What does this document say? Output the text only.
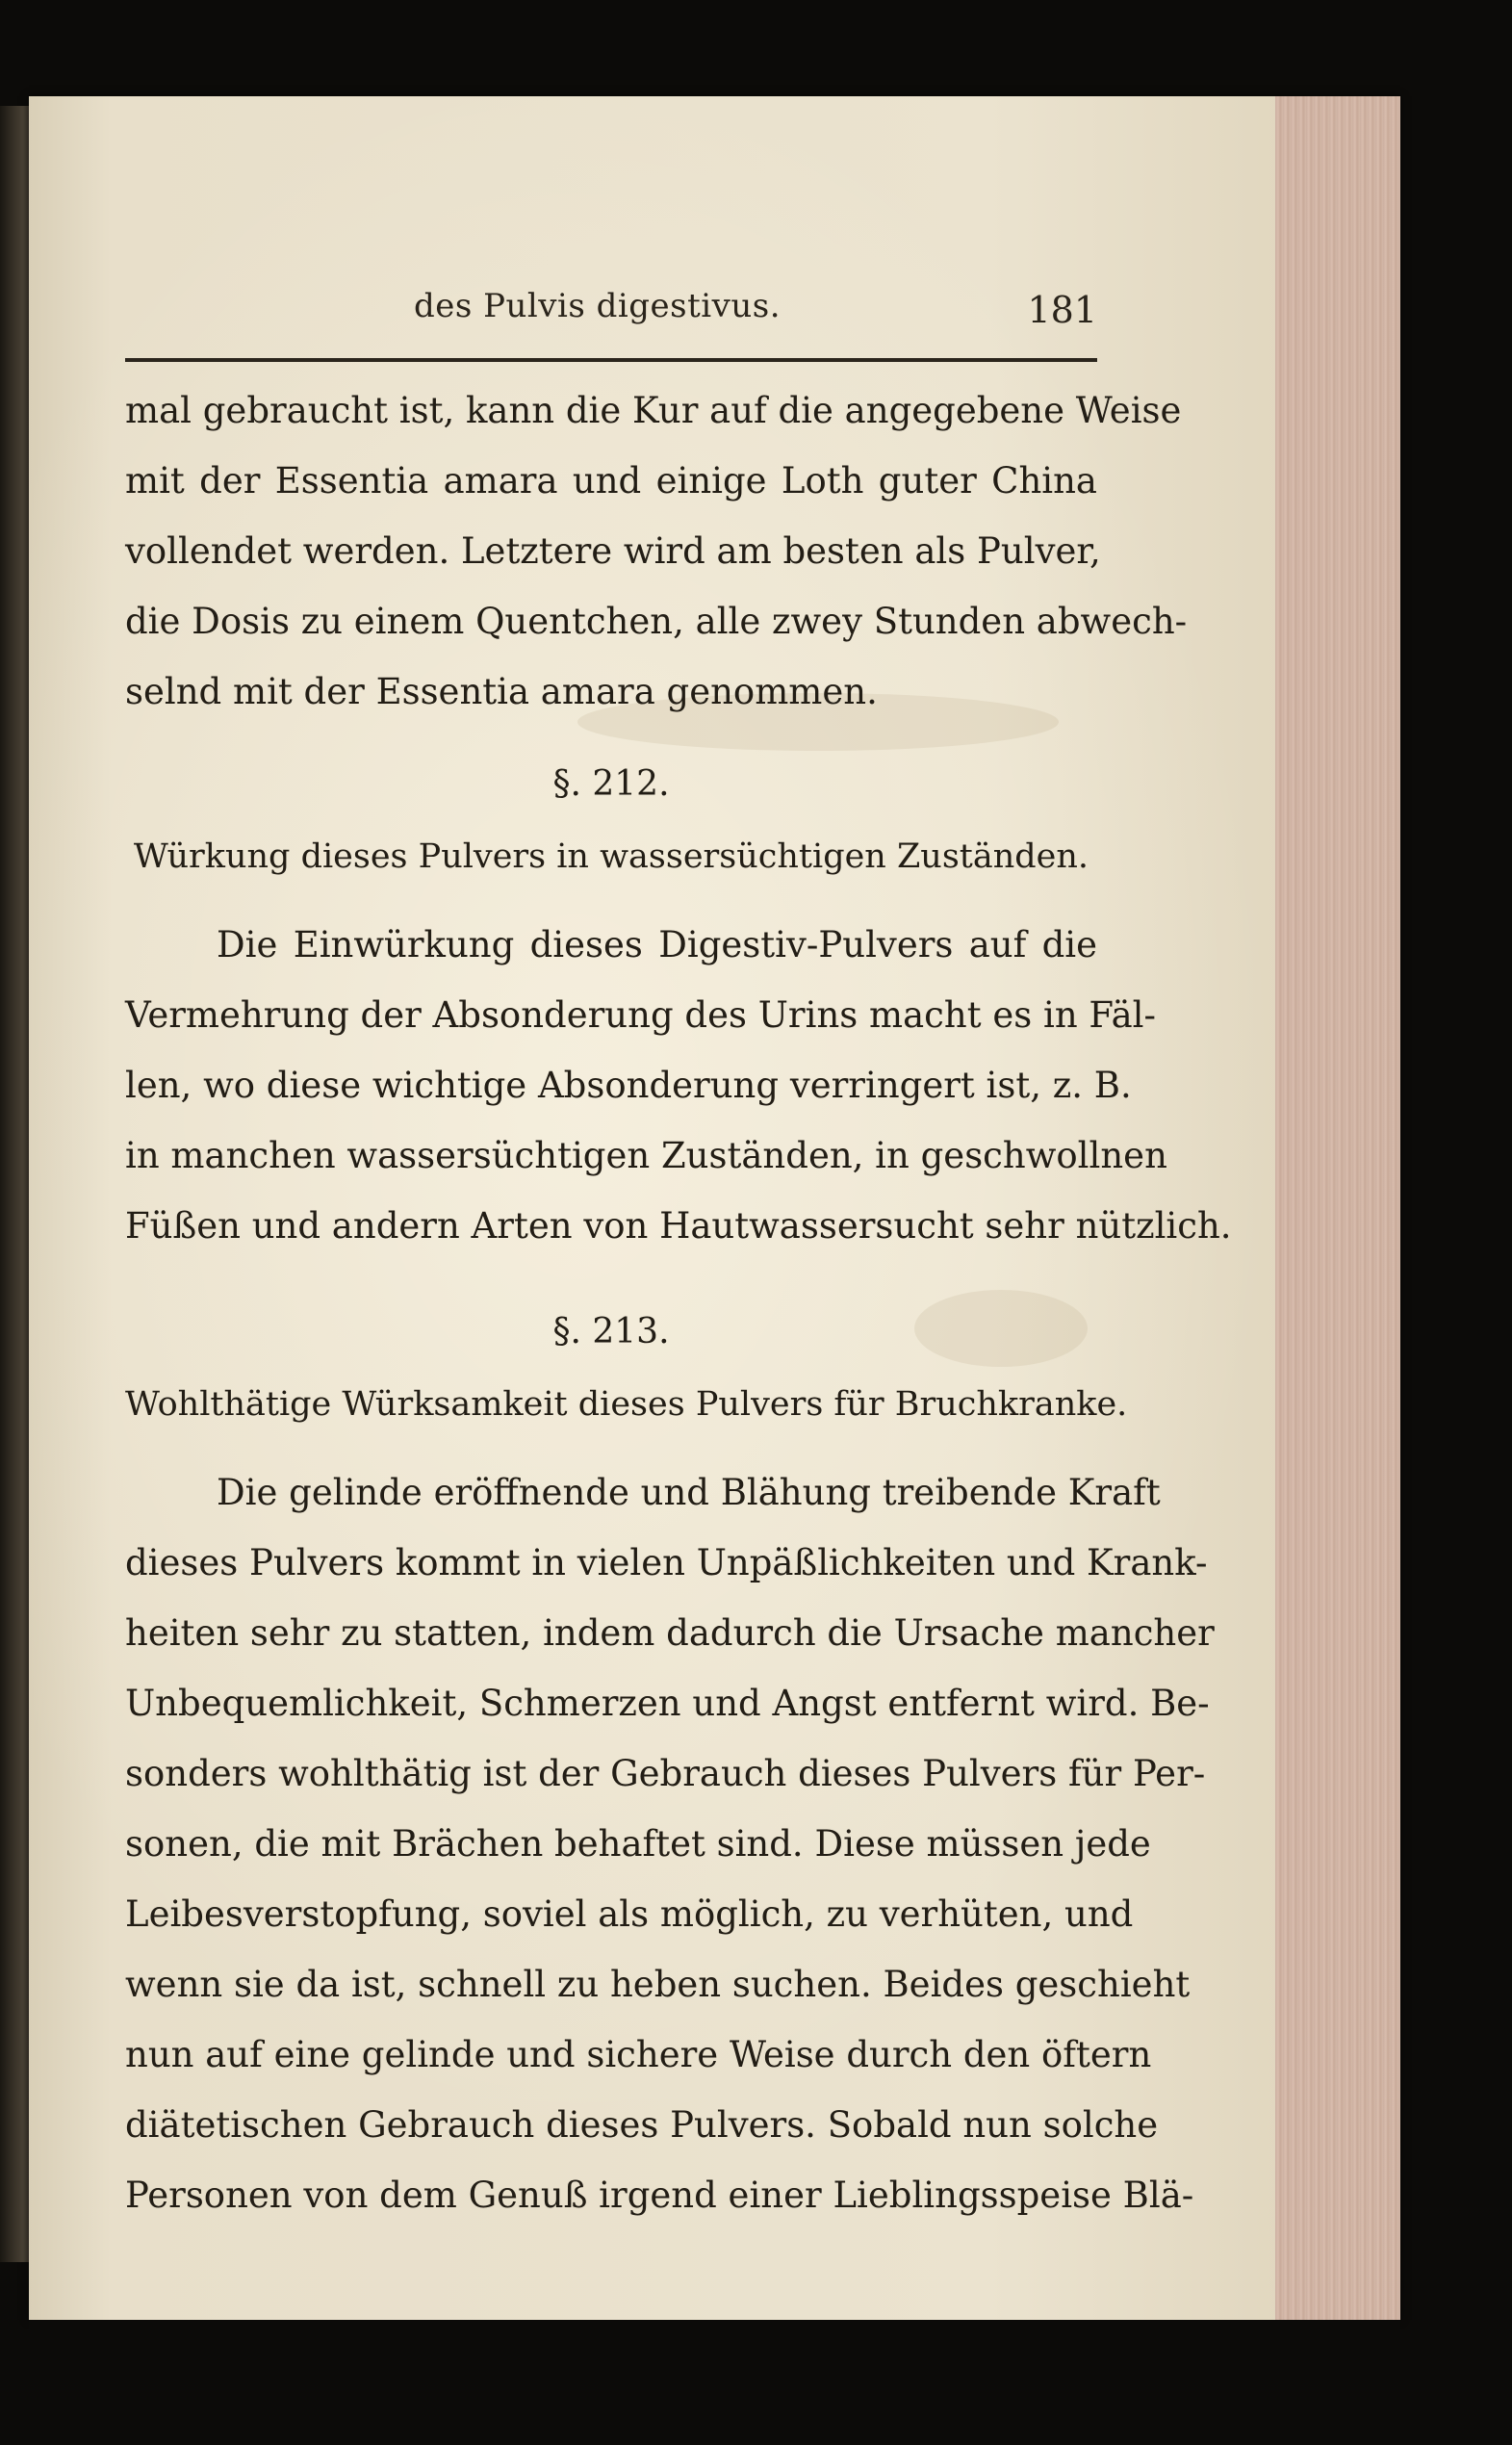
des Pulvis digestivus.	181
mal gebraucht ist, kann die Kur auf die angegebene Weise
mit der Essentia amara und einige Loth guter China
vollendet werden. Letztere wird am besten als Pulver,
die Dosis zu einem Quentchen, alle zwey Stunden abwech-
selnd mit der Essentia amara genommen.
§. 212.
Würkung dieses Pulvers in wassersüchtigen Zuständen.
Die Einwürkung dieses Digestiv-Pulvers auf die
Vermehrung der Absonderung des Urins macht es in Fäl-
len, wo diese wichtige Absonderung verringert ist, z. B.
in manchen wassersüchtigen Zuständen, in geschwollnen
Füßen und andern Arten von Hautwassersucht sehr nützlich.
§. 213.
Wohlthätige Würksamkeit dieses Pulvers für Bruchkranke.
Die gelinde eröffnende und Blähung treibende Kraft
dieses Pulvers kommt in vielen Unpäßlichkeiten und Krank-
heiten sehr zu statten, indem dadurch die Ursache mancher
Unbequemlichkeit, Schmerzen und Angst entfernt wird. Be-
sonders wohlthätig ist der Gebrauch dieses Pulvers für Per-
sonen, die mit Brächen behaftet sind. Diese müssen jede
Leibesverstopfung, soviel als möglich, zu verhüten, und
wenn sie da ist, schnell zu heben suchen. Beides geschieht
nun auf eine gelinde und sichere Weise durch den öftern
diätetischen Gebrauch dieses Pulvers. Sobald nun solche
Personen von dem Genuß irgend einer Lieblingsspeise Blä-
